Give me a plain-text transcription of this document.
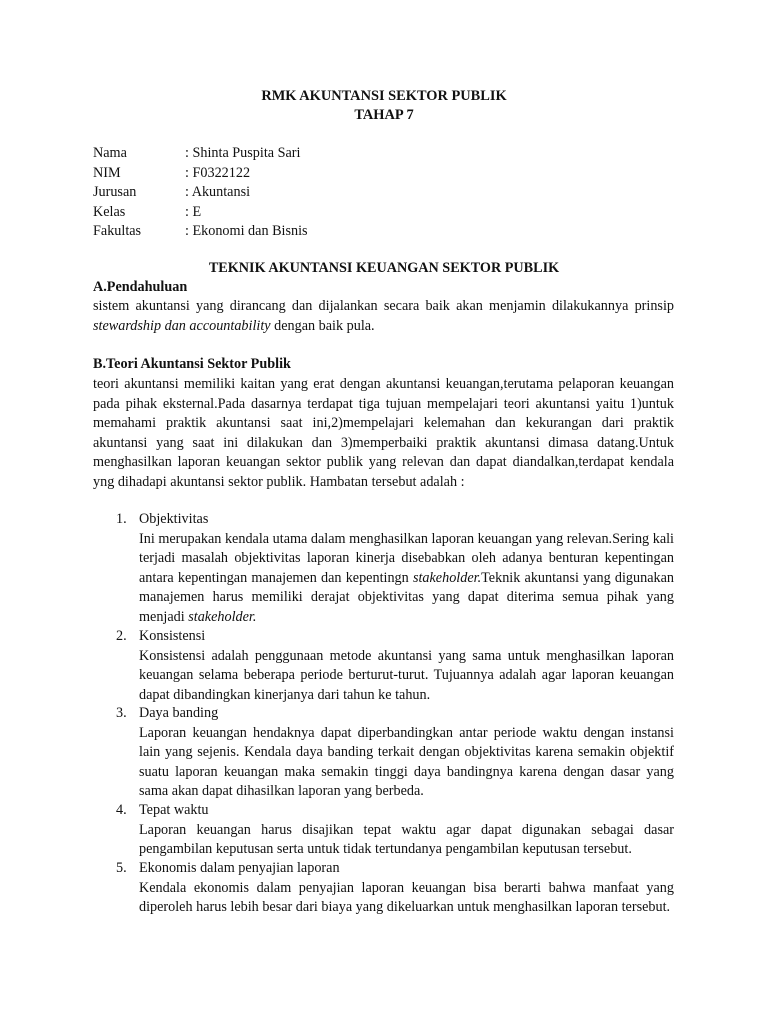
RMK AKUNTANSI SEKTOR PUBLIK
TAHAP 7
Nama	: Shinta Puspita Sari
NIM	: F0322122
Jurusan	: Akuntansi
Kelas	: E
Fakultas	: Ekonomi dan Bisnis
TEKNIK AKUNTANSI KEUANGAN SEKTOR PUBLIK
A.Pendahuluan
sistem akuntansi yang dirancang dan dijalankan secara baik akan menjamin dilakukannya prinsip stewardship dan accountability dengan baik pula.
B.Teori Akuntansi Sektor Publik
teori akuntansi memiliki kaitan yang erat dengan akuntansi keuangan,terutama pelaporan keuangan pada pihak eksternal.Pada dasarnya terdapat tiga tujuan mempelajari teori akuntansi yaitu 1)untuk memahami praktik akuntansi saat ini,2)mempelajari kelemahan dan kekurangan dari praktik akuntansi yang saat ini dilakukan dan 3)memperbaiki praktik akuntansi dimasa datang.Untuk menghasilkan laporan keuangan sektor publik yang relevan dan dapat diandalkan,terdapat kendala yng dihadapi akuntansi sektor publik. Hambatan tersebut adalah :
1. Objektivitas
Ini merupakan kendala utama dalam menghasilkan laporan keuangan yang relevan.Sering kali terjadi masalah objektivitas laporan kinerja disebabkan oleh adanya benturan kepentingan antara kepentingan manajemen dan kepentingn stakeholder.Teknik akuntansi yang digunakan manajemen harus memiliki derajat objektivitas yang dapat diterima semua pihak yang menjadi stakeholder.
2. Konsistensi
Konsistensi adalah penggunaan metode akuntansi yang sama untuk menghasilkan laporan keuangan selama beberapa periode berturut-turut. Tujuannya adalah agar laporan keuangan dapat dibandingkan kinerjanya dari tahun ke tahun.
3. Daya banding
Laporan keuangan hendaknya dapat diperbandingkan antar periode waktu dengan instansi lain yang sejenis. Kendala daya banding terkait dengan objektivitas karena semakin objektif suatu laporan keuangan maka semakin tinggi daya bandingnya karena dengan dasar yang sama akan dapat dihasilkan laporan yang berbeda.
4. Tepat waktu
Laporan keuangan harus disajikan tepat waktu agar dapat digunakan sebagai dasar pengambilan keputusan serta untuk tidak tertundanya pengambilan keputusan tersebut.
5. Ekonomis dalam penyajian laporan
Kendala ekonomis dalam penyajian laporan keuangan bisa berarti bahwa manfaat yang diperoleh harus lebih besar dari biaya yang dikeluarkan untuk menghasilkan laporan tersebut.
